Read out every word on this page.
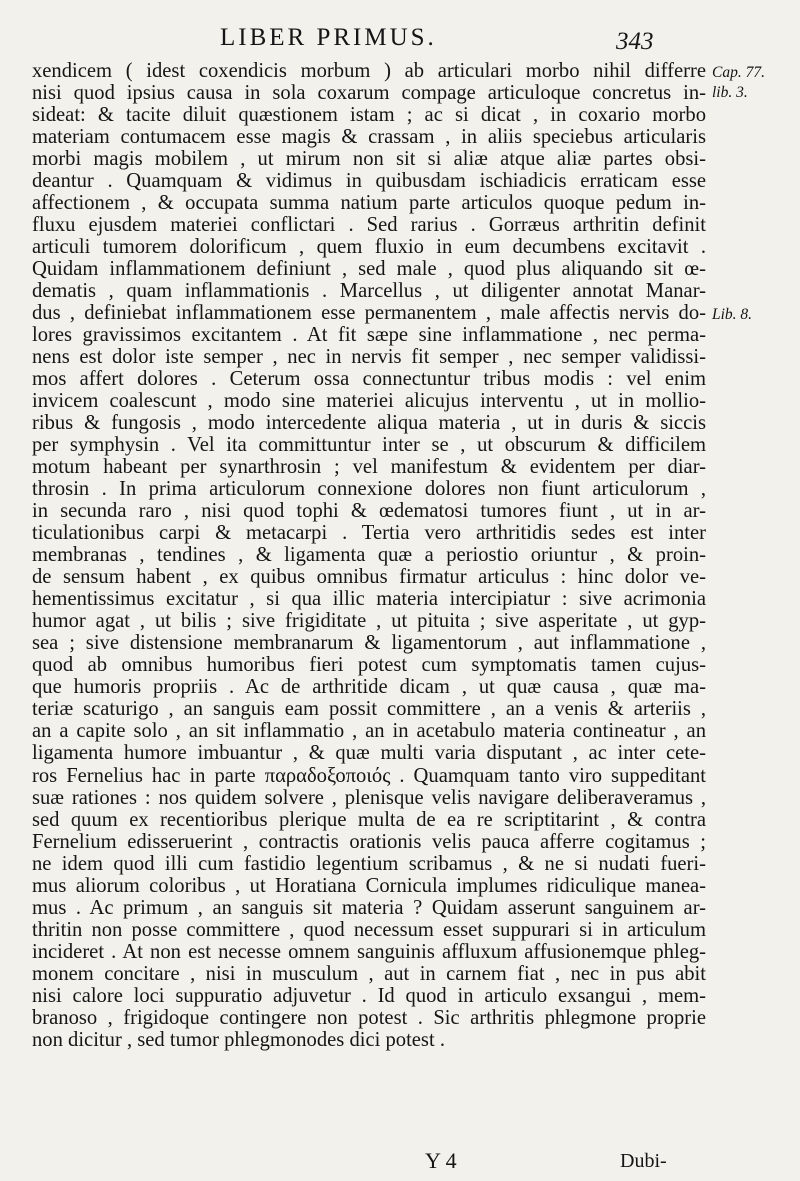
LIBER PRIMUS.	343
Cap. 77.
lib. 3.
Lib. 8.
xendicem ( idest coxendicis morbum ) ab articulari morbo nihil differre
nisi quod ipsius causa in sola coxarum compage articuloque concretus in-
sideat: & tacite diluit quæstionem istam ; ac si dicat , in coxario morbo
materiam contumacem esse magis & crassam , in aliis speciebus articularis
morbi magis mobilem , ut mirum non sit si aliæ atque aliæ partes obsi-
deantur . Quamquam & vidimus in quibusdam ischiadicis erraticam esse
affectionem , & occupata summa natium parte articulos quoque pedum in-
fluxu ejusdem materiei conflictari . Sed rarius . Gorræus arthritin definit
articuli tumorem dolorificum , quem fluxio in eum decumbens excitavit .
Quidam inflammationem definiunt , sed male , quod plus aliquando sit œ-
dematis , quam inflammationis . Marcellus , ut diligenter annotat Manar-
dus , definiebat inflammationem esse permanentem , male affectis nervis do-
lores gravissimos excitantem . At fit sæpe sine inflammatione , nec perma-
nens est dolor iste semper , nec in nervis fit semper , nec semper validissi-
mos affert dolores . Ceterum ossa connectuntur tribus modis : vel enim
invicem coalescunt , modo sine materiei alicujus interventu , ut in mollio-
ribus & fungosis , modo intercedente aliqua materia , ut in duris & siccis
per symphysin . Vel ita committuntur inter se , ut obscurum & difficilem
motum habeant per synarthrosin ; vel manifestum & evidentem per diar-
throsin . In prima articulorum connexione dolores non fiunt articulorum ,
in secunda raro , nisi quod tophi & œdematosi tumores fiunt , ut in ar-
ticulationibus carpi & metacarpi . Tertia vero arthritidis sedes est inter
membranas , tendines , & ligamenta quæ a periostio oriuntur , & proin-
de sensum habent , ex quibus omnibus firmatur articulus : hinc dolor ve-
hementissimus excitatur , si qua illic materia intercipiatur : sive acrimonia
humor agat , ut bilis ; sive frigiditate , ut pituita ; sive asperitate , ut gyp-
sea ; sive distensione membranarum & ligamentorum , aut inflammatione ,
quod ab omnibus humoribus fieri potest cum symptomatis tamen cujus-
que humoris propriis . Ac de arthritide dicam , ut quæ causa , quæ ma-
teriæ scaturigo , an sanguis eam possit committere , an a venis & arteriis ,
an a capite solo , an sit inflammatio , an in acetabulo materia contineatur , an
ligamenta humore imbuantur , & quæ multi varia disputant , ac inter cete-
ros Fernelius hac in parte παραδοξοποιός . Quamquam tanto viro suppeditant
suæ rationes : nos quidem solvere , plenisque velis navigare deliberaveramus ,
sed quum ex recentioribus plerique multa de ea re scriptitarint , & contra
Fernelium edisseruerint , contractis orationis velis pauca afferre cogitamus ;
ne idem quod illi cum fastidio legentium scribamus , & ne si nudati fueri-
mus aliorum coloribus , ut Horatiana Cornicula implumes ridiculique manea-
mus . Ac primum , an sanguis sit materia ? Quidam asserunt sanguinem ar-
thritin non posse committere , quod necessum esset suppurari si in articulum
incideret . At non est necesse omnem sanguinis affluxum affusionemque phleg-
monem concitare , nisi in musculum , aut in carnem fiat , nec in pus abit
nisi calore loci suppuratio adjuvetur . Id quod in articulo exsangui , mem-
branoso , frigidoque contingere non potest . Sic arthritis phlegmone proprie
non dicitur , sed tumor phlegmonodes dici potest .
Y 4	Dubi-
